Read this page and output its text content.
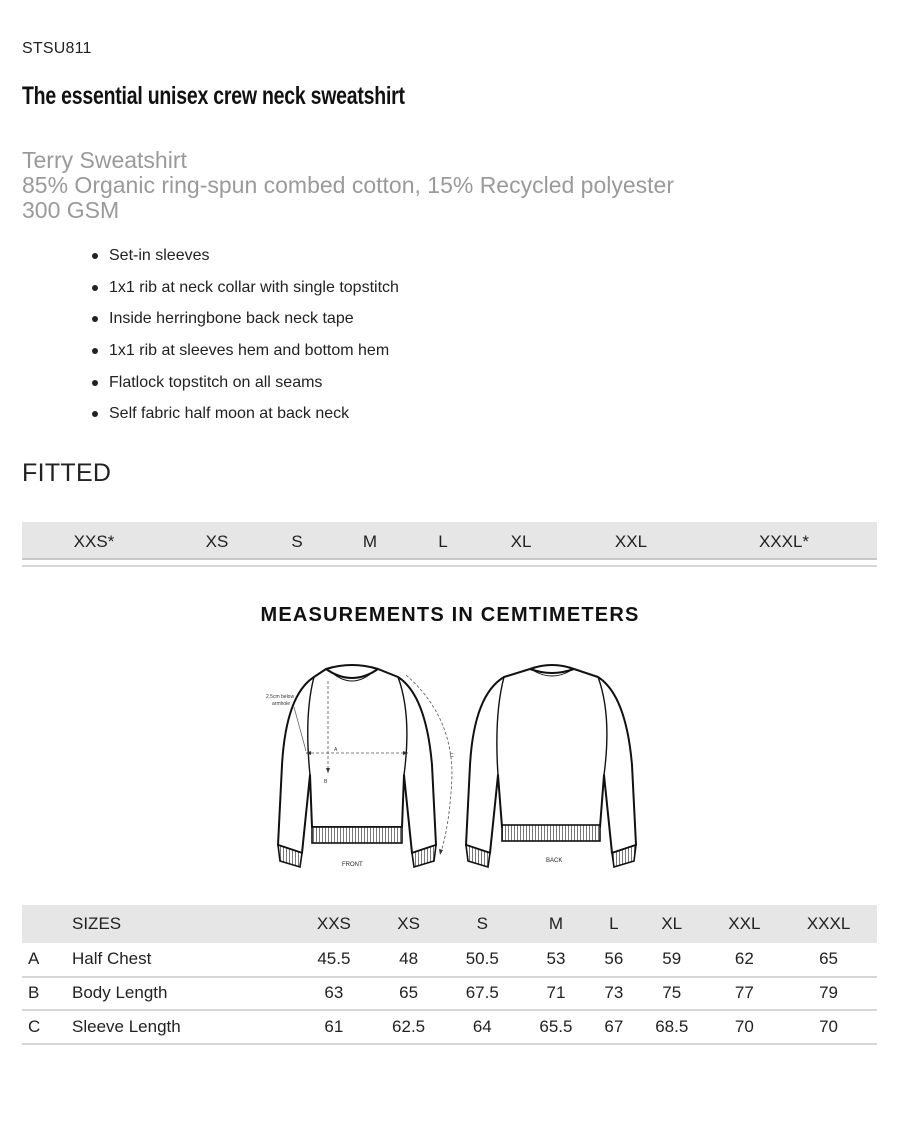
STSU811
The essential unisex crew neck sweatshirt
Terry Sweatshirt
85% Organic ring-spun combed cotton, 15% Recycled polyester
300 GSM
Set-in sleeves
1x1 rib at neck collar with single topstitch
Inside herringbone back neck tape
1x1 rib at sleeves hem and bottom hem
Flatlock topstitch on all seams
Self fabric half moon at back neck
FITTED
XXS*	XS	S	M	L	XL	XXL	XXXL*
MEASUREMENTS IN CEMTIMETERS
2.5cm below
armhole
A
B
C
FRONT
BACK
	SIZES	XXS	XS	S	M	L	XL	XXL	XXXL
A	Half Chest	45.5	48	50.5	53	56	59	62	65
B	Body Length	63	65	67.5	71	73	75	77	79
C	Sleeve Length	61	62.5	64	65.5	67	68.5	70	70
